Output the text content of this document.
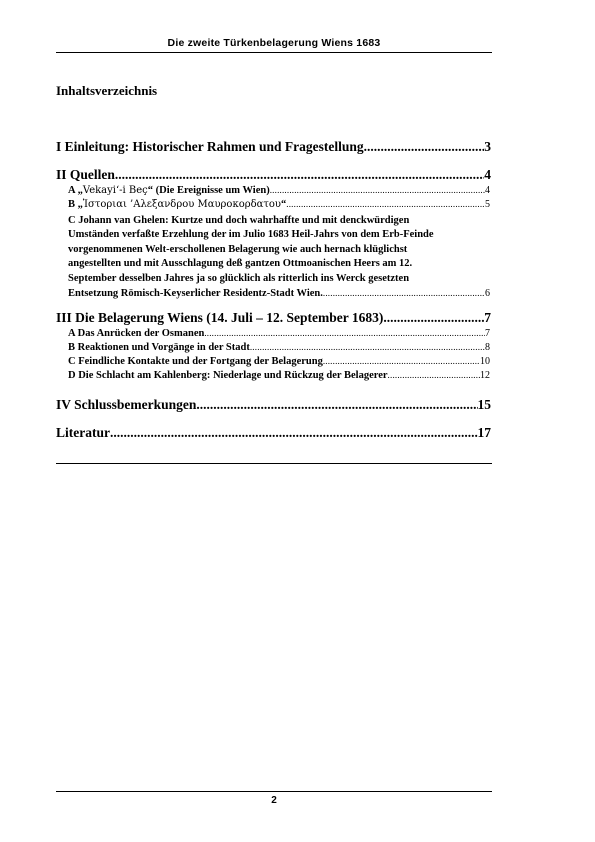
Die zweite Türkenbelagerung Wiens 1683
Inhaltsverzeichnis
I Einleitung: Historischer Rahmen und Fragestellung .....	3
II Quellen .....	4
A „Vekayi‘-i Beç“ (Die Ereignisse um Wien) .....	4
B „Ἱστοριαι ’Αλεξανδρου Μαυροκορδατου“ .....	5
C Johann van Ghelen: Kurtze und doch wahrhaffte und mit denckwürdigen
Umständen verfaßte Erzehlung der im Julio 1683 Heil-Jahrs von dem Erb-Feinde
vorgenommenen Welt-erschollenen Belagerung wie auch hernach klüglichst
angestellten und mit Ausschlagung deß gantzen Ottmoanischen Heers am 12.
September desselben Jahres ja so glücklich als ritterlich ins Werck gesetzten
Entsetzung Römisch-Keyserlicher Residentz-Stadt Wien. .....	6
III Die Belagerung Wiens (14. Juli – 12. September 1683) .....	7
A Das Anrücken der Osmanen .....	7
B Reaktionen und Vorgänge in der Stadt .....	8
C Feindliche Kontakte und der Fortgang der Belagerung .....	10
D Die Schlacht am Kahlenberg: Niederlage und Rückzug der Belagerer .....	12
IV Schlussbemerkungen .....	15
Literatur .....	17
2
